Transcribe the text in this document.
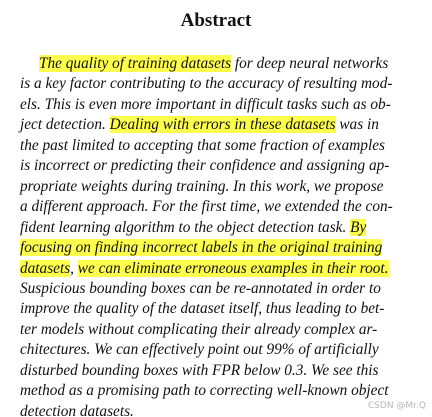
Abstract
The quality of training datasets for deep neural networks
is a key factor contributing to the accuracy of resulting mod-
els. This is even more important in difficult tasks such as ob-
ject detection. Dealing with errors in these datasets was in
the past limited to accepting that some fraction of examples
is incorrect or predicting their confidence and assigning ap-
propriate weights during training. In this work, we propose
a different approach. For the first time, we extended the con-
fident learning algorithm to the object detection task. By
focusing on finding incorrect labels in the original training
datasets, we can eliminate erroneous examples in their root.
Suspicious bounding boxes can be re-annotated in order to
improve the quality of the dataset itself, thus leading to bet-
ter models without complicating their already complex ar-
chitectures. We can effectively point out 99% of artificially
disturbed bounding boxes with FPR below 0.3. We see this
method as a promising path to correcting well-known object
detection datasets.	CSDN @Mr.Q
